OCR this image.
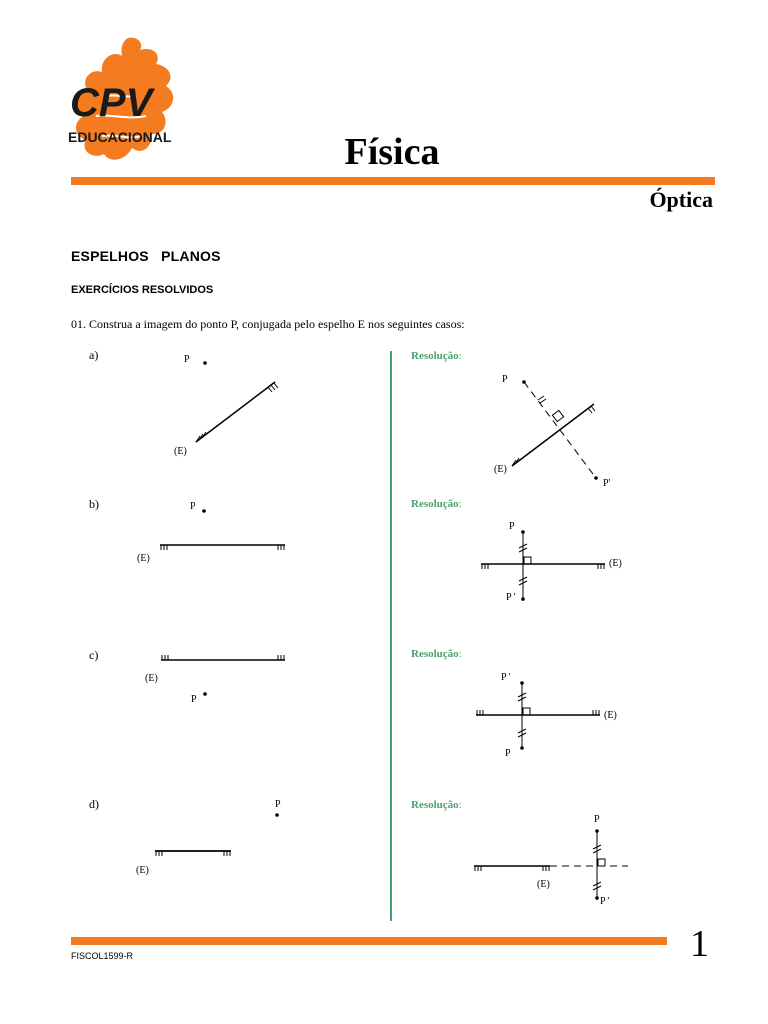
CPV
EDUCACIONAL	Física
Óptica
ESPELHOS   PLANOS
EXERCÍCIOS RESOLVIDOS
01. Construa a imagem do ponto P, conjugada pelo espelho E nos seguintes casos:
a)
b)
c)
d)
Resolução:
Resolução:
Resolução:
Resolução:
P
(E)
P
P'
(E)
P
(E)
P
P '
(E)
(E)
P
P '
P
(E)
P
(E)
P
P '
(E)
FISCOL1599-R	1
